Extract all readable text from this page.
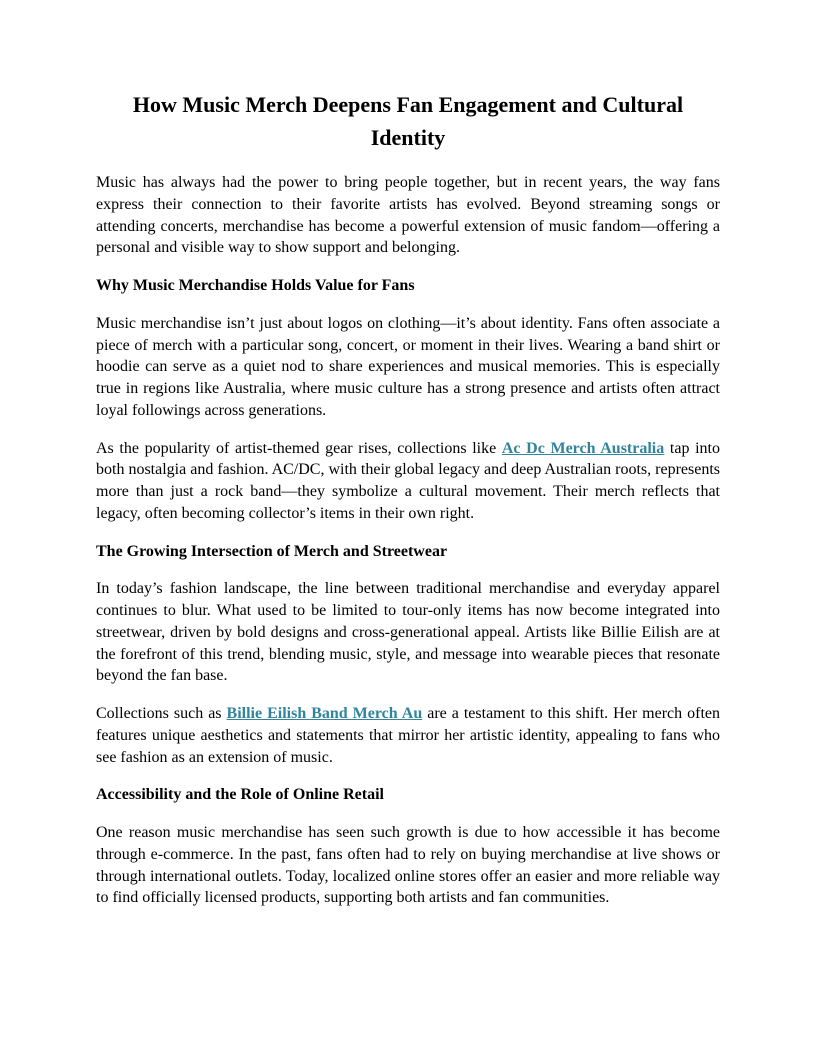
How Music Merch Deepens Fan Engagement and Cultural Identity

Music has always had the power to bring people together, but in recent years, the way fans express their connection to their favorite artists has evolved. Beyond streaming songs or attending concerts, merchandise has become a powerful extension of music fandom—offering a personal and visible way to show support and belonging.

Why Music Merchandise Holds Value for Fans

Music merchandise isn’t just about logos on clothing—it’s about identity. Fans often associate a piece of merch with a particular song, concert, or moment in their lives. Wearing a band shirt or hoodie can serve as a quiet nod to share experiences and musical memories. This is especially true in regions like Australia, where music culture has a strong presence and artists often attract loyal followings across generations.

As the popularity of artist-themed gear rises, collections like Ac Dc Merch Australia tap into both nostalgia and fashion. AC/DC, with their global legacy and deep Australian roots, represents more than just a rock band—they symbolize a cultural movement. Their merch reflects that legacy, often becoming collector’s items in their own right.

The Growing Intersection of Merch and Streetwear

In today’s fashion landscape, the line between traditional merchandise and everyday apparel continues to blur. What used to be limited to tour-only items has now become integrated into streetwear, driven by bold designs and cross-generational appeal. Artists like Billie Eilish are at the forefront of this trend, blending music, style, and message into wearable pieces that resonate beyond the fan base.

Collections such as Billie Eilish Band Merch Au are a testament to this shift. Her merch often features unique aesthetics and statements that mirror her artistic identity, appealing to fans who see fashion as an extension of music.

Accessibility and the Role of Online Retail

One reason music merchandise has seen such growth is due to how accessible it has become through e-commerce. In the past, fans often had to rely on buying merchandise at live shows or through international outlets. Today, localized online stores offer an easier and more reliable way to find officially licensed products, supporting both artists and fan communities.
